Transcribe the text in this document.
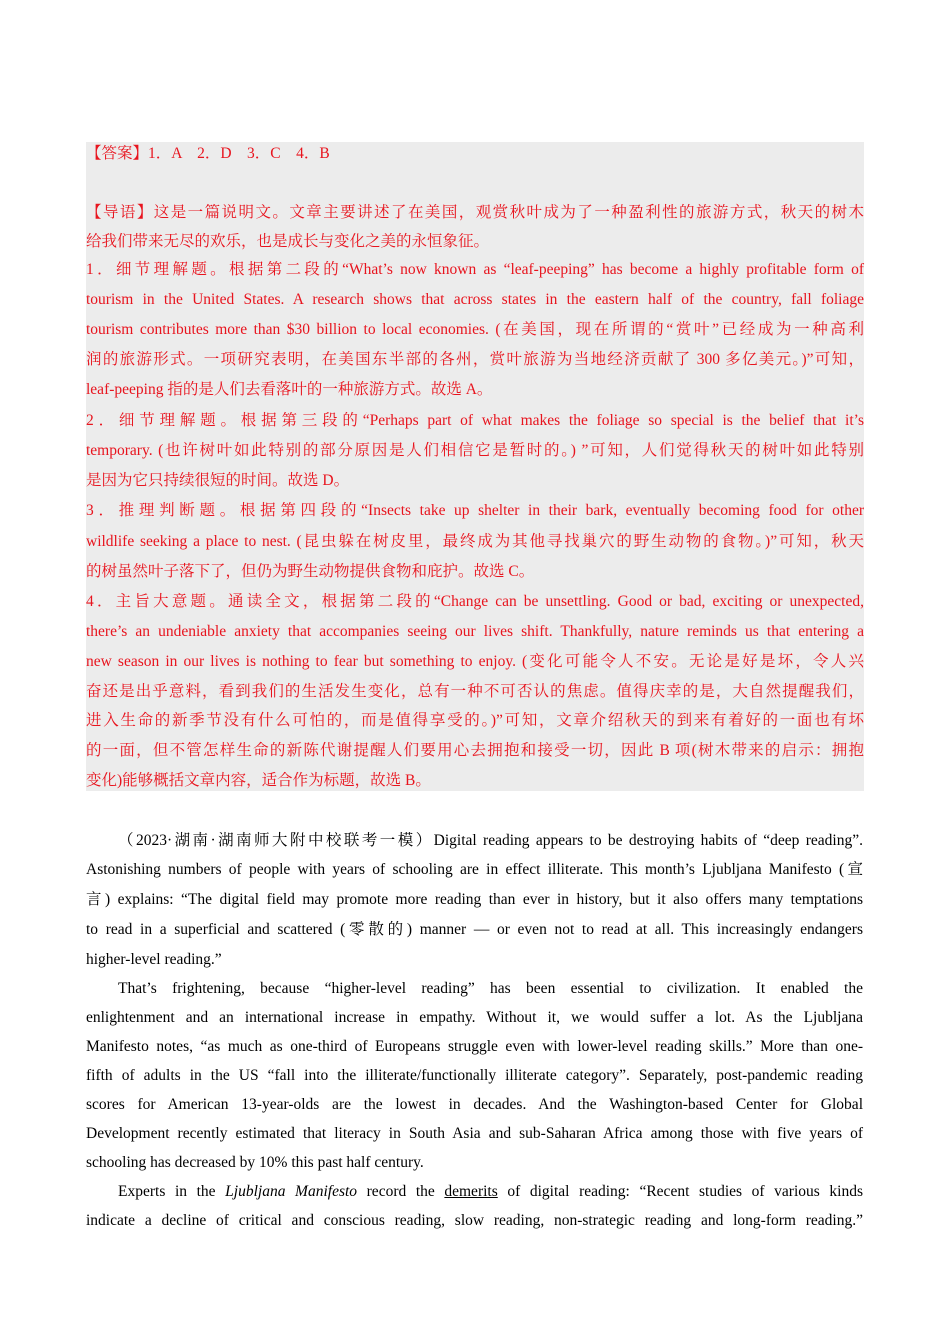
【答案】1．A　2．D　3．C　4．B
【导语】这是一篇说明文。文章主要讲述了在美国，观赏秋叶成为了一种盈利性的旅游方式，秋天的树木
给我们带来无尽的欢乐，也是成长与变化之美的永恒象征。
1．细节理解题。根据第二段的“What’s now known as “leaf-peeping” has become a highly profitable form of
tourism in the United States. A research shows that across states in the eastern half of the country, fall foliage
tourism contributes more than $30 billion to local economies. (在美国，现在所谓的“赏叶”已经成为一种高利
润的旅游形式。一项研究表明，在美国东半部的各州，赏叶旅游为当地经济贡献了 300 多亿美元。)”可知，
leaf-peeping 指的是人们去看落叶的一种旅游方式。故选 A。
2．细节理解题。根据第三段的“Perhaps part of what makes the foliage so special is the belief that it’s
temporary. (也许树叶如此特别的部分原因是人们相信它是暂时的。) ”可知，人们觉得秋天的树叶如此特别
是因为它只持续很短的时间。故选 D。
3．推理判断题。根据第四段的“Insects take up shelter in their bark, eventually becoming food for other
wildlife seeking a place to nest. (昆虫躲在树皮里，最终成为其他寻找巢穴的野生动物的食物。)”可知，秋天
的树虽然叶子落下了，但仍为野生动物提供食物和庇护。故选 C。
4．主旨大意题。通读全文，根据第二段的“Change can be unsettling. Good or bad, exciting or unexpected,
there’s an undeniable anxiety that accompanies seeing our lives shift. Thankfully, nature reminds us that entering a
new season in our lives is nothing to fear but something to enjoy. (变化可能令人不安。无论是好是坏，令人兴
奋还是出乎意料，看到我们的生活发生变化，总有一种不可否认的焦虑。值得庆幸的是，大自然提醒我们，
进入生命的新季节没有什么可怕的，而是值得享受的。)”可知，文章介绍秋天的到来有着好的一面也有坏
的一面，但不管怎样生命的新陈代谢提醒人们要用心去拥抱和接受一切，因此 B 项(树木带来的启示：拥抱
变化)能够概括文章内容，适合作为标题，故选 B。
（2023·湖南·湖南师大附中校联考一模）Digital reading appears to be destroying habits of “deep reading”.
Astonishing numbers of people with years of schooling are in effect illiterate. This month’s Ljubljana Manifesto (宣
言) explains: “The digital field may promote more reading than ever in history, but it also offers many temptations
to read in a superficial and scattered (零散的) manner — or even not to read at all. This increasingly endangers
higher-level reading.”
That’s frightening, because “higher-level reading” has been essential to civilization. It enabled the
enlightenment and an international increase in empathy. Without it, we would suffer a lot. As the Ljubljana
Manifesto notes, “as much as one-third of Europeans struggle even with lower-level reading skills.” More than one-
fifth of adults in the US “fall into the illiterate/functionally illiterate category”. Separately, post-pandemic reading
scores for American 13-year-olds are the lowest in decades. And the Washington-based Center for Global
Development recently estimated that literacy in South Asia and sub-Saharan Africa among those with five years of
schooling has decreased by 10% this past half century.
Experts in the Ljubljana Manifesto record the demerits of digital reading: “Recent studies of various kinds
indicate a decline of critical and conscious reading, slow reading, non-strategic reading and long-form reading.”
